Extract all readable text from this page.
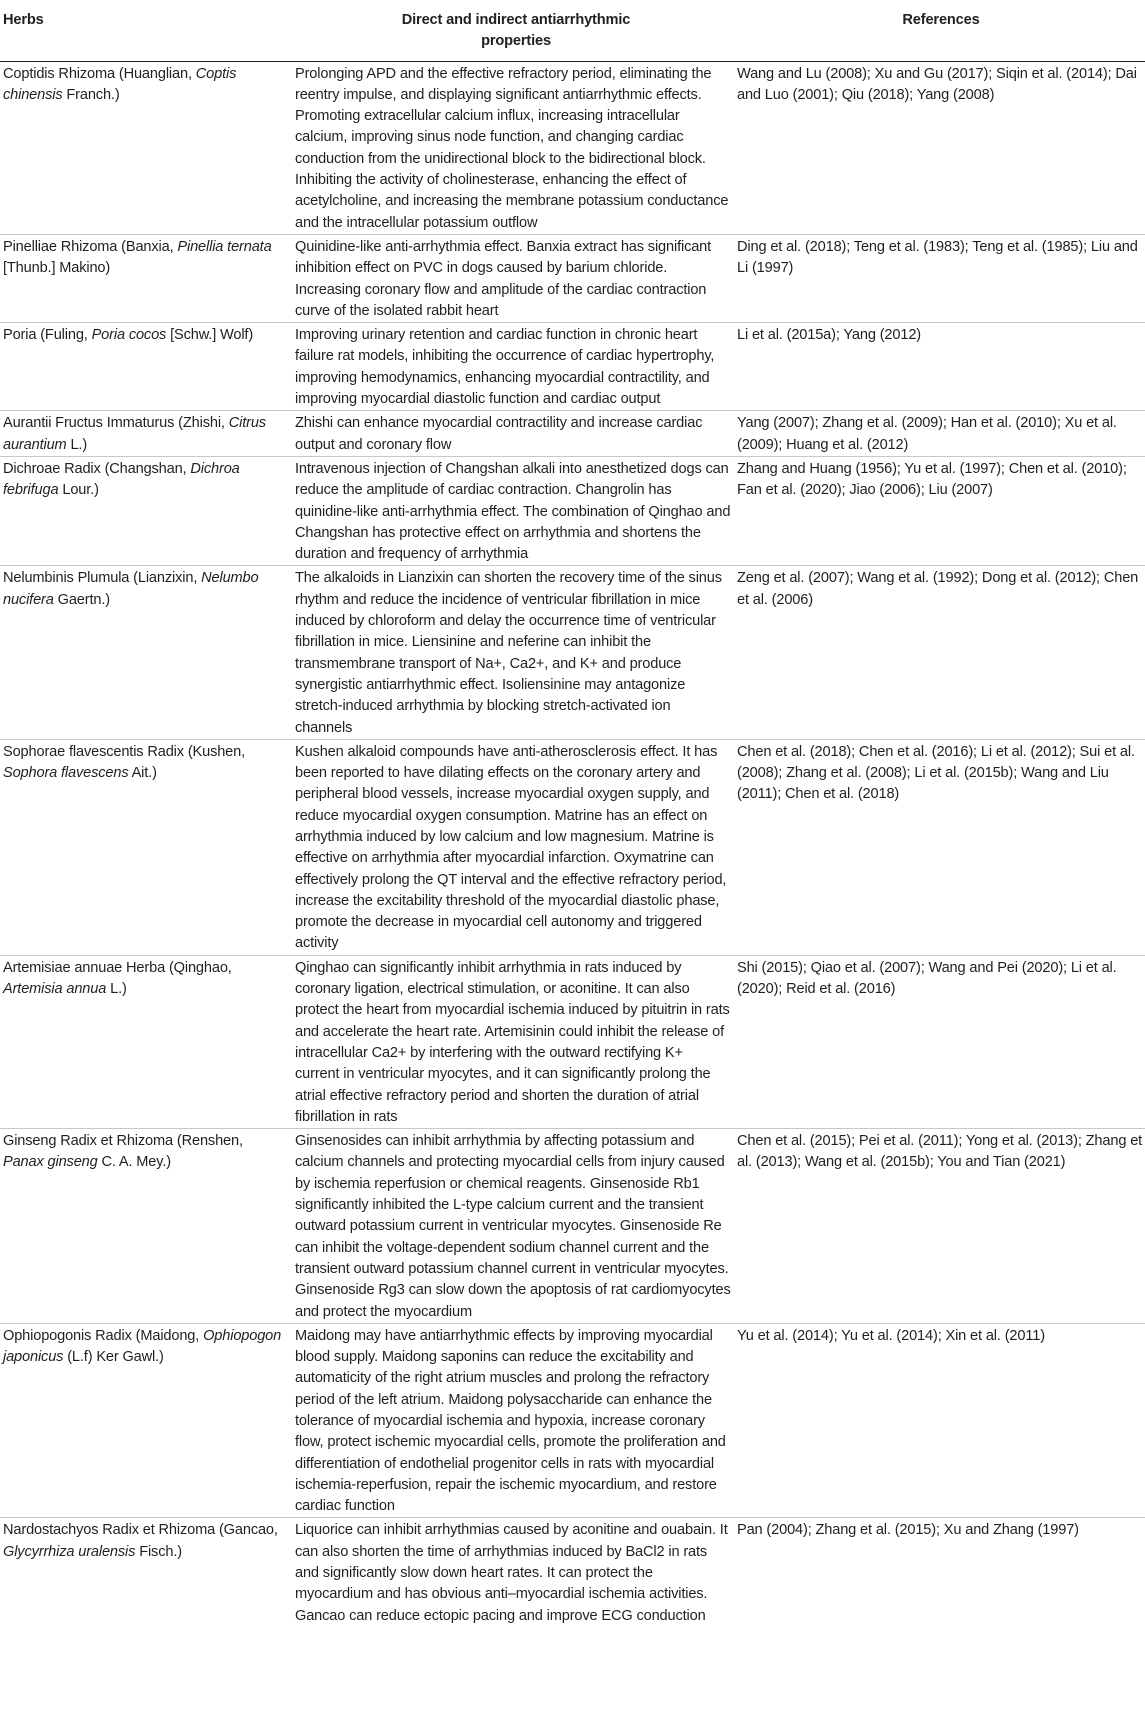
Herbs	Direct and indirect antiarrhythmic properties	References
Coptidis Rhizoma (Huanglian, Coptis chinensis Franch.)	Prolonging APD and the effective refractory period, eliminating the reentry impulse, and displaying significant antiarrhythmic effects. Promoting extracellular calcium influx, increasing intracellular calcium, improving sinus node function, and changing cardiac conduction from the unidirectional block to the bidirectional block. Inhibiting the activity of cholinesterase, enhancing the effect of acetylcholine, and increasing the membrane potassium conductance and the intracellular potassium outflow	Wang and Lu (2008); Xu and Gu (2017); Siqin et al. (2014); Dai and Luo (2001); Qiu (2018); Yang (2008)
Pinelliae Rhizoma (Banxia, Pinellia ternata [Thunb.] Makino)	Quinidine-like anti-arrhythmia effect. Banxia extract has significant inhibition effect on PVC in dogs caused by barium chloride. Increasing coronary flow and amplitude of the cardiac contraction curve of the isolated rabbit heart	Ding et al. (2018); Teng et al. (1983); Teng et al. (1985); Liu and Li (1997)
Poria (Fuling, Poria cocos [Schw.] Wolf)	Improving urinary retention and cardiac function in chronic heart failure rat models, inhibiting the occurrence of cardiac hypertrophy, improving hemodynamics, enhancing myocardial contractility, and improving myocardial diastolic function and cardiac output	Li et al. (2015a); Yang (2012)
Aurantii Fructus Immaturus (Zhishi, Citrus aurantium L.)	Zhishi can enhance myocardial contractility and increase cardiac output and coronary flow	Yang (2007); Zhang et al. (2009); Han et al. (2010); Xu et al. (2009); Huang et al. (2012)
Dichroae Radix (Changshan, Dichroa febrifuga Lour.)	Intravenous injection of Changshan alkali into anesthetized dogs can reduce the amplitude of cardiac contraction. Changrolin has quinidine-like anti-arrhythmia effect. The combination of Qinghao and Changshan has protective effect on arrhythmia and shortens the duration and frequency of arrhythmia	Zhang and Huang (1956); Yu et al. (1997); Chen et al. (2010); Fan et al. (2020); Jiao (2006); Liu (2007)
Nelumbinis Plumula (Lianzixin, Nelumbo nucifera Gaertn.)	The alkaloids in Lianzixin can shorten the recovery time of the sinus rhythm and reduce the incidence of ventricular fibrillation in mice induced by chloroform and delay the occurrence time of ventricular fibrillation in mice. Liensinine and neferine can inhibit the transmembrane transport of Na+, Ca2+, and K+ and produce synergistic antiarrhythmic effect. Isoliensinine may antagonize stretch-induced arrhythmia by blocking stretch-activated ion channels	Zeng et al. (2007); Wang et al. (1992); Dong et al. (2012); Chen et al. (2006)
Sophorae flavescentis Radix (Kushen, Sophora flavescens Ait.)	Kushen alkaloid compounds have anti-atherosclerosis effect. It has been reported to have dilating effects on the coronary artery and peripheral blood vessels, increase myocardial oxygen supply, and reduce myocardial oxygen consumption. Matrine has an effect on arrhythmia induced by low calcium and low magnesium. Matrine is effective on arrhythmia after myocardial infarction. Oxymatrine can effectively prolong the QT interval and the effective refractory period, increase the excitability threshold of the myocardial diastolic phase, promote the decrease in myocardial cell autonomy and triggered activity	Chen et al. (2018); Chen et al. (2016); Li et al. (2012); Sui et al. (2008); Zhang et al. (2008); Li et al. (2015b); Wang and Liu (2011); Chen et al. (2018)
Artemisiae annuae Herba (Qinghao, Artemisia annua L.)	Qinghao can significantly inhibit arrhythmia in rats induced by coronary ligation, electrical stimulation, or aconitine. It can also protect the heart from myocardial ischemia induced by pituitrin in rats and accelerate the heart rate. Artemisinin could inhibit the release of intracellular Ca2+ by interfering with the outward rectifying K+ current in ventricular myocytes, and it can significantly prolong the atrial effective refractory period and shorten the duration of atrial fibrillation in rats	Shi (2015); Qiao et al. (2007); Wang and Pei (2020); Li et al. (2020); Reid et al. (2016)
Ginseng Radix et Rhizoma (Renshen, Panax ginseng C. A. Mey.)	Ginsenosides can inhibit arrhythmia by affecting potassium and calcium channels and protecting myocardial cells from injury caused by ischemia reperfusion or chemical reagents. Ginsenoside Rb1 significantly inhibited the L-type calcium current and the transient outward potassium current in ventricular myocytes. Ginsenoside Re can inhibit the voltage-dependent sodium channel current and the transient outward potassium channel current in ventricular myocytes. Ginsenoside Rg3 can slow down the apoptosis of rat cardiomyocytes and protect the myocardium	Chen et al. (2015); Pei et al. (2011); Yong et al. (2013); Zhang et al. (2013); Wang et al. (2015b); You and Tian (2021)
Ophiopogonis Radix (Maidong, Ophiopogon japonicus (L.f) Ker Gawl.)	Maidong may have antiarrhythmic effects by improving myocardial blood supply. Maidong saponins can reduce the excitability and automaticity of the right atrium muscles and prolong the refractory period of the left atrium. Maidong polysaccharide can enhance the tolerance of myocardial ischemia and hypoxia, increase coronary flow, protect ischemic myocardial cells, promote the proliferation and differentiation of endothelial progenitor cells in rats with myocardial ischemia-reperfusion, repair the ischemic myocardium, and restore cardiac function	Yu et al. (2014); Yu et al. (2014); Xin et al. (2011)
Nardostachyos Radix et Rhizoma (Gancao, Glycyrrhiza uralensis Fisch.)	Liquorice can inhibit arrhythmias caused by aconitine and ouabain. It can also shorten the time of arrhythmias induced by BaCl2 in rats and significantly slow down heart rates. It can protect the myocardium and has obvious anti–myocardial ischemia activities. Gancao can reduce ectopic pacing and improve ECG conduction	Pan (2004); Zhang et al. (2015); Xu and Zhang (1997)
